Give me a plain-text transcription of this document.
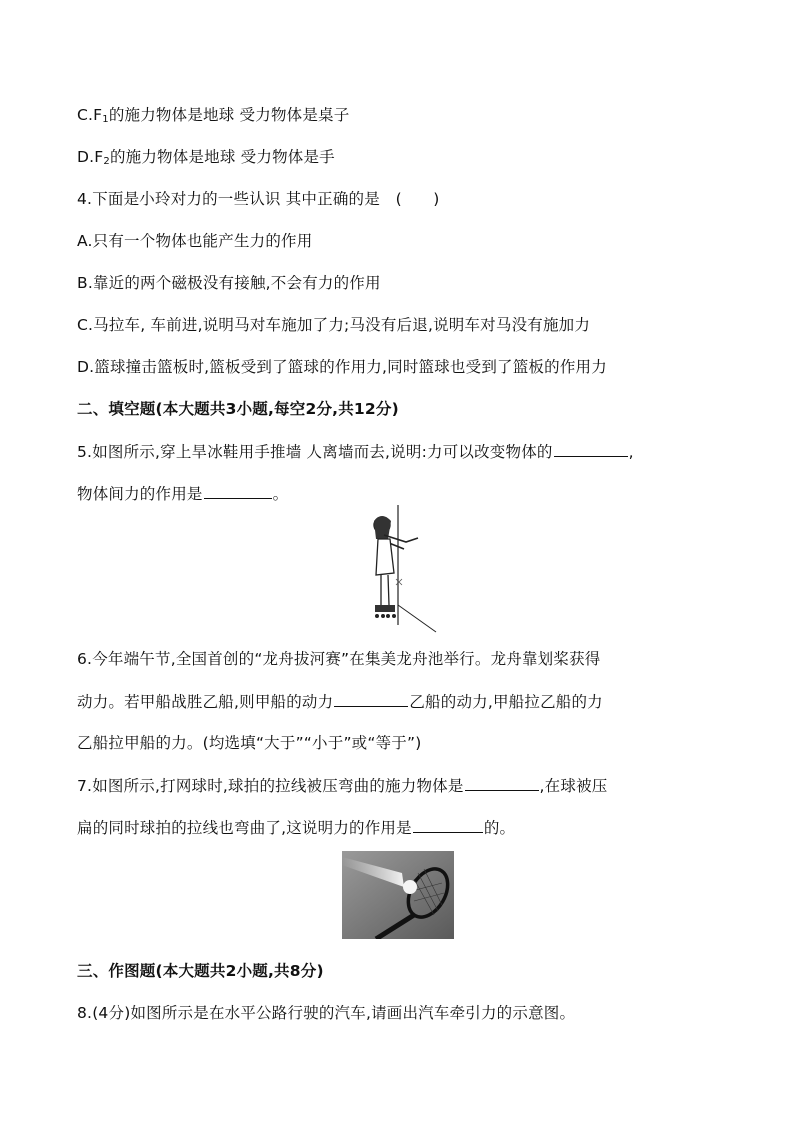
$C.F_1$的施力物体是地球 受力物体是桌子
$D.F_2$的施力物体是地球 受力物体是手
4.下面是小玲对力的一些认识 其中正确的是　(　　)
A.只有一个物体也能产生力的作用
B.靠近的两个磁极没有接触,不会有力的作用
C.马拉车, 车前进,说明马对车施加了力;马没有后退,说明车对马没有施加力
D.篮球撞击篮板时,篮板受到了篮球的作用力,同时篮球也受到了篮板的作用力
二、填空题(本大题共3小题,每空2分,共12分)
5.如图所示,穿上旱冰鞋用手推墙 人离墙而去,说明:力可以改变物体的	,
物体间力的作用是	。
6.今年端午节,全国首创的“龙舟拔河赛”在集美龙舟池举行。龙舟靠划桨获得
动力。若甲船战胜乙船,则甲船的动力	乙船的动力,甲船拉乙船的力
乙船拉甲船的力。(均选填“大于”“小于”或“等于”)
7.如图所示,打网球时,球拍的拉线被压弯曲的施力物体是	,在球被压
扁的同时球拍的拉线也弯曲了,这说明力的作用是	的。
三、作图题(本大题共2小题,共8分)
8.(4分)如图所示是在水平公路行驶的汽车,请画出汽车牵引力的示意图。
